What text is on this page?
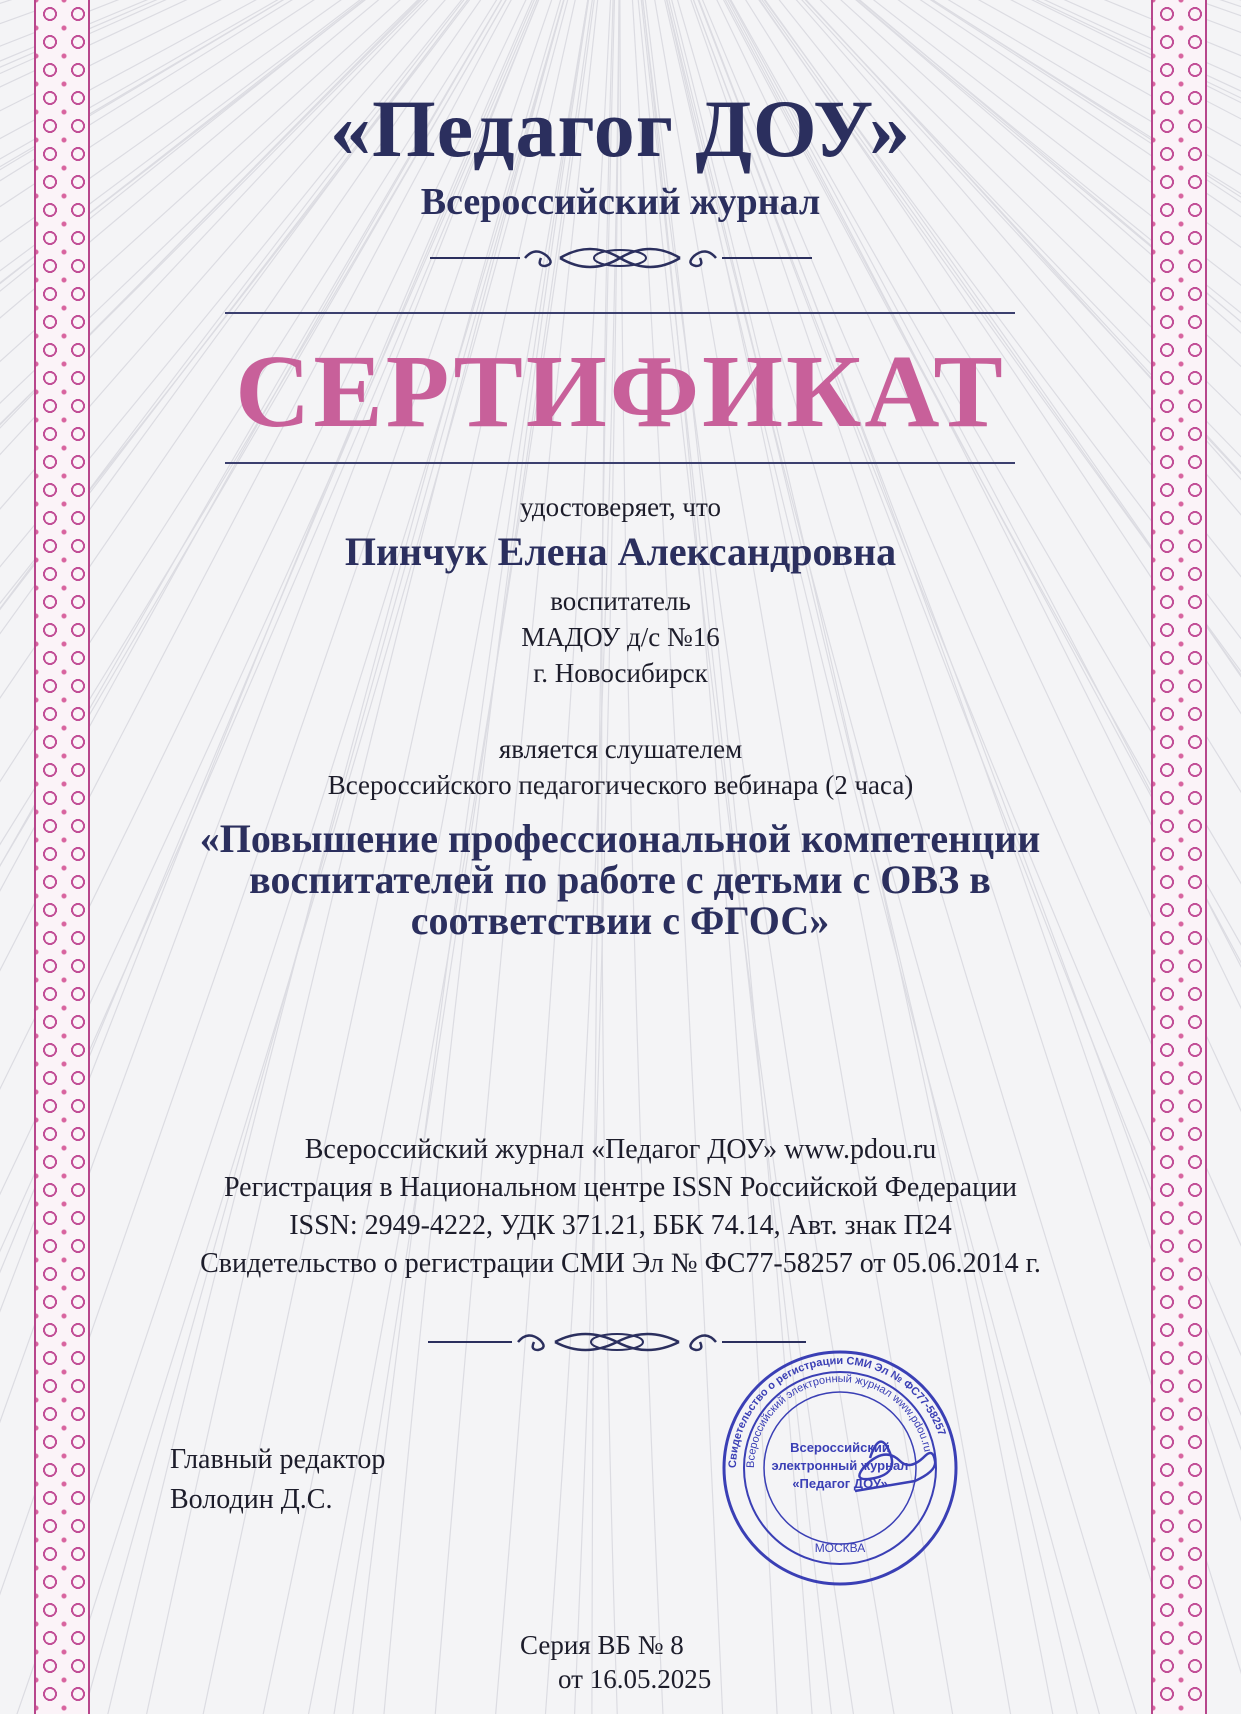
«Педагог ДОУ»
Всероссийский журнал
СЕРТИФИКАТ
удостоверяет, что
Пинчук Елена Александровна
воспитатель
МАДОУ д/с №16
г. Новосибирск
является слушателем
Всероссийского педагогического вебинара (2 часа)
«Повышение профессиональной компетенции
воспитателей по работе с детьми с ОВЗ в
соответствии с ФГОС»
Всероссийский журнал «Педагог ДОУ» www.pdou.ru
Регистрация в Национальном центре ISSN Российской Федерации
ISSN: 2949-4222, УДК 371.21, ББК 74.14, Авт. знак П24
Свидетельство о регистрации СМИ Эл № ФС77-58257 от 05.06.2014 г.
Главный редактор
Володин Д.С.
Свидетельство о регистрации СМИ Эл № ФС77-58257
Всероссийский электронный журнал www.pdou.ru
Всероссийский
электронный журнал
«Педагог ДОУ»
МОСКВА
Серия ВБ № 8
от 16.05.2025
